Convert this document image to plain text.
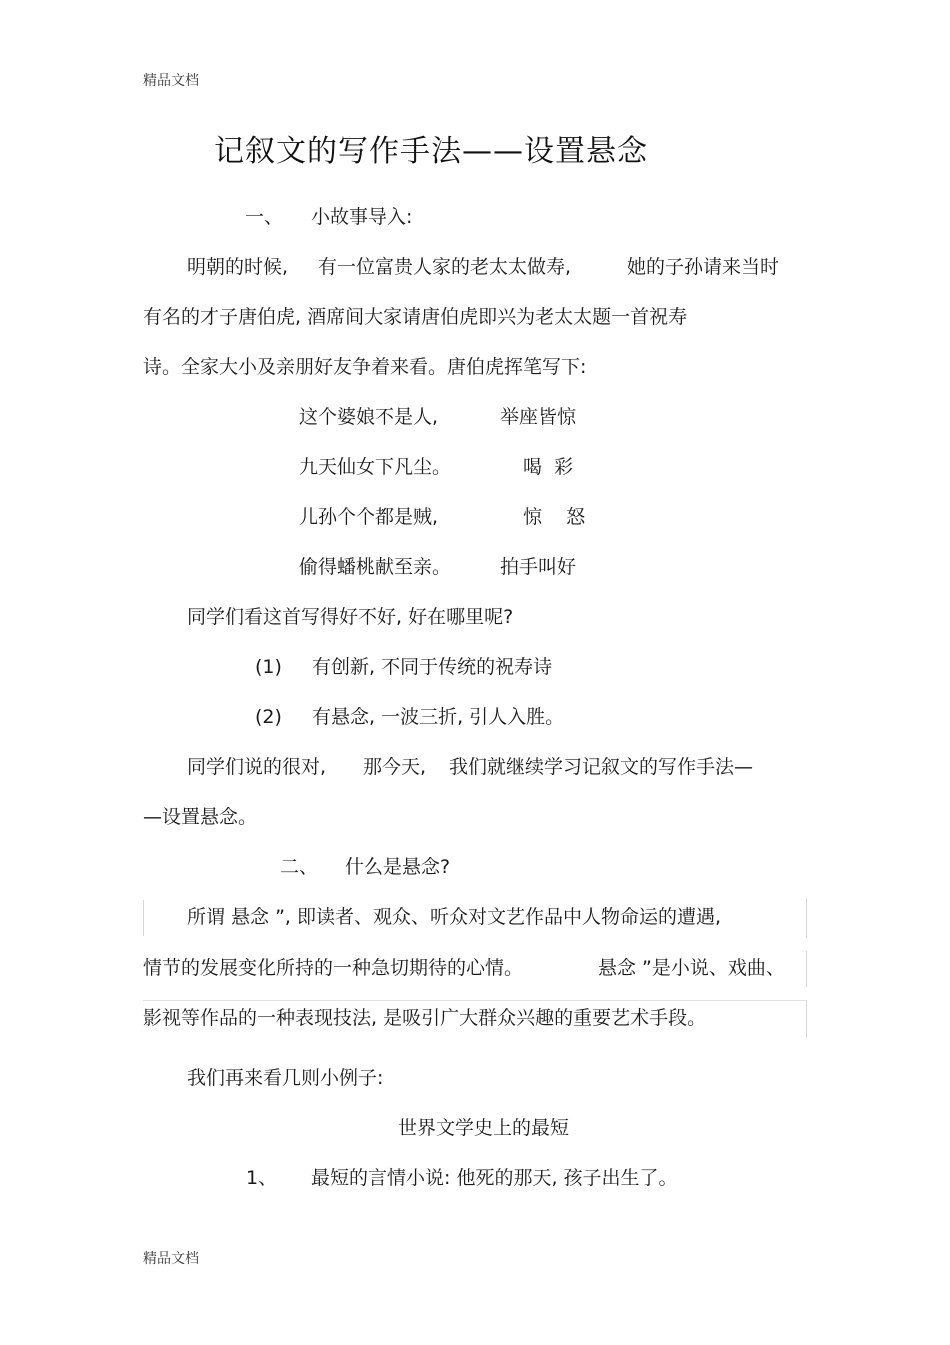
精品文档
记叙文的写作手法——设置悬念
一、 小故事导入:
明朝的时候, 有一位富贵人家的老太太做寿,	她的子孙请来当时
有名的才子唐伯虎, 酒席间大家请唐伯虎即兴为老太太题一首祝寿
诗。全家大小及亲朋好友争着来看。唐伯虎挥笔写下:
这个婆娘不是人,	举座皆惊
九天仙女下凡尘。	喝  彩
儿孙个个都是贼,	惊    怒
偷得蟠桃献至亲。	拍手叫好
同学们看这首写得好不好, 好在哪里呢?
(1) 有创新, 不同于传统的祝寿诗
(2) 有悬念, 一波三折, 引人入胜。
同学们说的很对, 那今天, 我们就继续学习记叙文的写作手法—
—设置悬念。
二、 什么是悬念?
所谓 悬念 ”, 即读者、观众、听众对文艺作品中人物命运的遭遇,
情节的发展变化所持的一种急切期待的心情。	悬念 ”是小说、戏曲、
影视等作品的一种表现技法, 是吸引广大群众兴趣的重要艺术手段。
我们再来看几则小例子:
世界文学史上的最短
1、 最短的言情小说: 他死的那天, 孩子出生了。
精品文档
